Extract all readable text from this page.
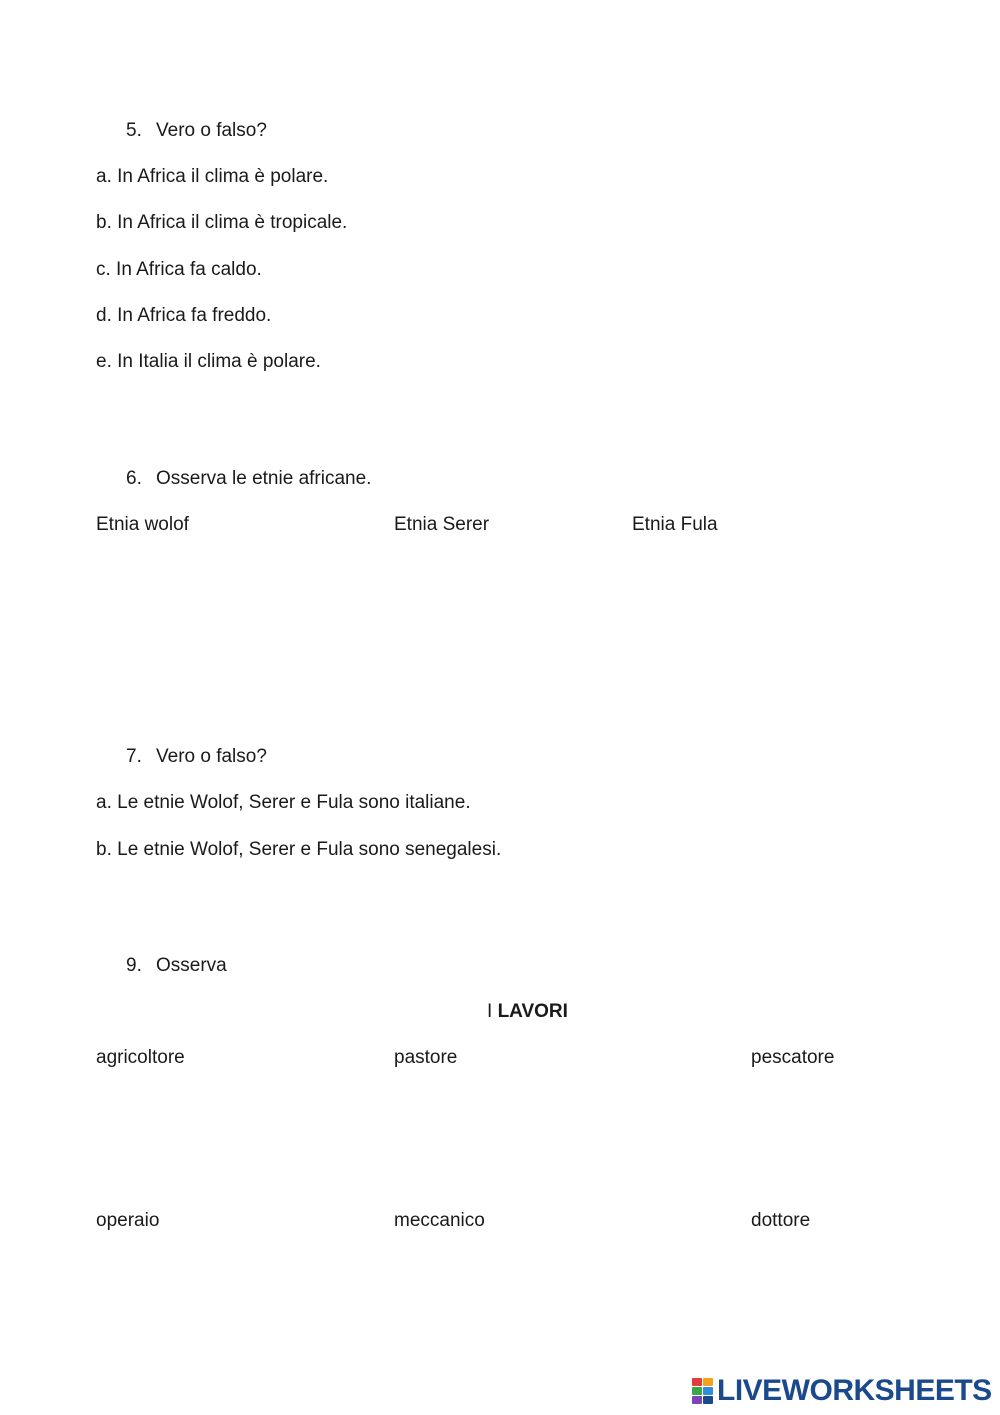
5. Vero o falso?
a. In Africa il clima è polare.
b. In Africa il clima è tropicale.
c. In Africa fa caldo.
d. In Africa fa freddo.
e. In Italia il clima è polare.
6. Osserva le etnie africane.
Etnia wolof	Etnia Serer	Etnia Fula
7. Vero o falso?
a. Le etnie Wolof, Serer e Fula sono italiane.
b. Le etnie Wolof, Serer e Fula sono senegalesi.
9. Osserva
I LAVORI
agricoltore	pastore	pescatore
operaio	meccanico	dottore
LIVEWORKSHEETS
